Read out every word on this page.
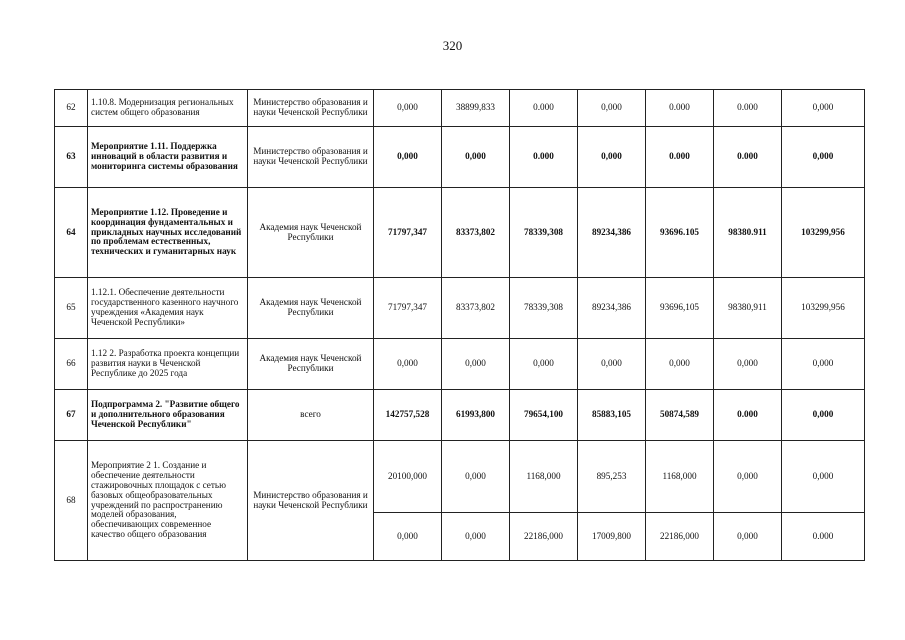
320
62	1.10.8. Модернизация региональных систем общего образования	Министерство образования и науки Чеченской Республики	0,000	38899,833	0.000	0,000	0.000	0.000	0,000
63	Мероприятие 1.11. Поддержка инноваций в области развития и мониторинга системы образования	Министерство образования и науки Чеченской Республики	0,000	0,000	0.000	0,000	0.000	0.000	0,000
64	Мероприятие 1.12. Проведение и координация фундаментальных и прикладных научных исследований по проблемам естественных, технических и гуманитарных наук	Академия наук Чеченской Республики	71797,347	83373,802	78339,308	89234,386	93696.105	98380.911	103299,956
65	1.12.1. Обеспечение деятельности государственного казенного научного учреждения «Академия наук Чеченской Республики»	Академия наук Чеченской Республики	71797,347	83373,802	78339,308	89234,386	93696,105	98380,911	103299,956
66	1.12 2. Разработка проекта концепции развития науки в Чеченской Республике до 2025 года	Академия наук Чеченской Республики	0,000	0,000	0,000	0,000	0,000	0,000	0,000
67	Подпрограмма 2. "Развитие общего и дополнительного образования Чеченской Республики"	всего	142757,528	61993,800	79654,100	85883,105	50874,589	0.000	0,000
68	Мероприятие 2 1. Создание и обеспечение деятельности стажировочных площадок с сетью базовых общеобразовательных учреждений по распространению моделей образования, обеспечивающих современное качество общего образования	Министерство образования и науки Чеченской Республики	20100,000	0,000	1168,000	895,253	1168,000	0,000	0,000
			0,000	0,000	22186,000	17009,800	22186,000	0,000	0.000
